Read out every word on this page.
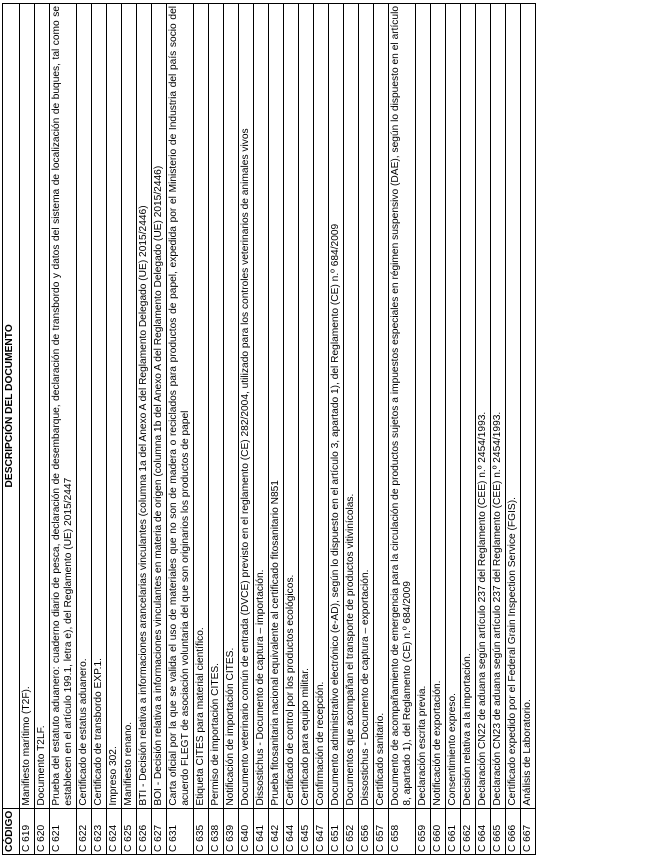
CÓDIGO	DESCRIPCIÓN DEL DOCUMENTO
C 619	Manifiesto marítimo (T2F).
C 620	Documento T2LF.
C 621	Prueba del estatuto aduanero: cuaderno diario de pesca, declaración de desembarque, declaración de transbordo y datos del sistema de localización de buques, tal como se establecen en el artículo 199.1, letra e), del Reglamento (UE) 2015/2447
C 622	Certificado de estatus aduanero.
C 623	Certificado de transbordo EXP.1.
C 624	Impreso 302.
C 625	Manifiesto renano.
C 626	BTI - Decisión relativa a informaciones arancelarias vinculantes (columna 1a del Anexo A del Reglamento Delegado (UE) 2015/2446)
C 627	BOI - Decisión relativa a informaciones vinculantes en materia de origen (columna 1b del Anexo A del Reglamento Delegado (UE) 2015/2446)
C 631	Carta oficial por la que se valida el uso de materiales que no son de madera o reciclados para productos de papel, expedida por el Ministerio de Industria del país socio del acuerdo FLEGT de asociación voluntaria del que son originarios los productos de papel
C 635	Etiqueta CITES para material científico.
C 638	Permiso de importación CITES.
C 639	Notificación de importación CITES.
C 640	Documento veterinario común de entrada (DVCE) previsto en el reglamento (CE) 282/2004, utilizado para los controles veterinarios de animales vivos
C 641	Dissostichus - Documento de captura – importación.
C 642	Prueba fitosanitaria nacional equivalente al certificado fitosanitario N851
C 644	Certificado de control por los productos ecológicos.
C 645	Certificado para equipo militar.
C 647	Confirmación de recepción.
C 651	Documento administrativo electrónico (e-AD), según lo dispuesto en el artículo 3, apartado 1), del Reglamento (CE) n.º 684/2009
C 652	Documentos que acompañan el transporte de productos vitivinícolas.
C 656	Dissostichus - Documento de captura – exportación.
C 657	Certificado sanitario.
C 658	Documento de acompañamiento de emergencia para la circulación de productos sujetos a impuestos especiales en régimen suspensivo (DAE), según lo dispuesto en el artículo 8, apartado 1), del Reglamento (CE) n.º 684/2009
C 659	Declaración escrita previa.
C 660	Notificación de exportación.
C 661	Consentimiento expreso.
C 662	Decisión relativa a la importación.
C 664	Declaración CN22 de aduana según artículo 237 del Reglamento (CEE) n.º 2454/1993.
C 665	Declaración CN23 de aduana según artículo 237 del Reglamento (CEE) n.º 2454/1993.
C 666	Certificado expedido por el Federal Grain Inspection Service (FGIS).
C 667	Análisis de Laboratorio.
